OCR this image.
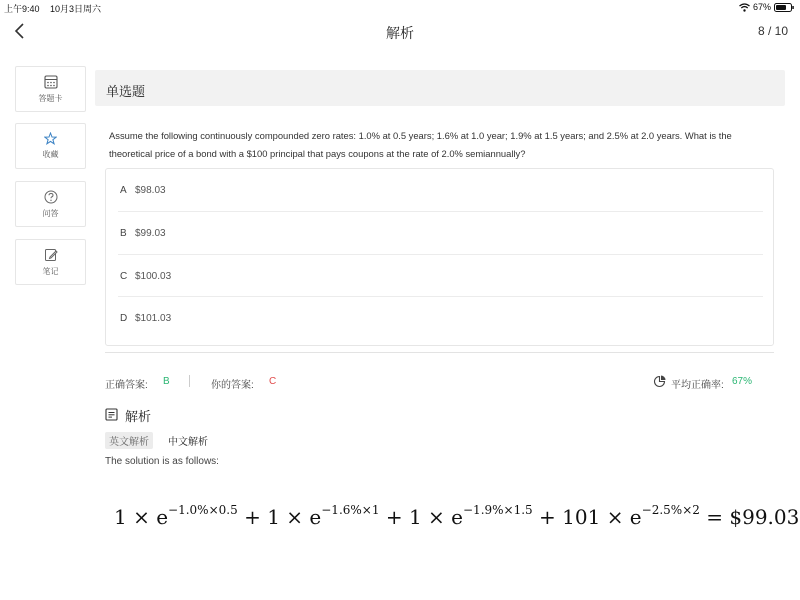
上午9:40 10月3日周六	67%
解析	8 / 10
答题卡
收藏
问答
笔记
单选题
Assume the following continuously compounded zero rates: 1.0% at 0.5 years; 1.6% at 1.0 year; 1.9% at 1.5 years; and 2.5% at 2.0 years. What is the theoretical price of a bond with a $100 principal that pays coupons at the rate of 2.0% semiannually?
A $98.03
B $99.03
C $100.03
D $101.03
正确答案: B	你的答案: C	平均正确率: 67%
解析
英文解析	中文解析
The solution is as follows:
$1 \times e^{-1.0\%\times 0.5} + 1 \times e^{-1.6\%\times 1} + 1 \times e^{-1.9\%\times 1.5} + 101 \times e^{-2.5\%\times 2}$ = $99.03
